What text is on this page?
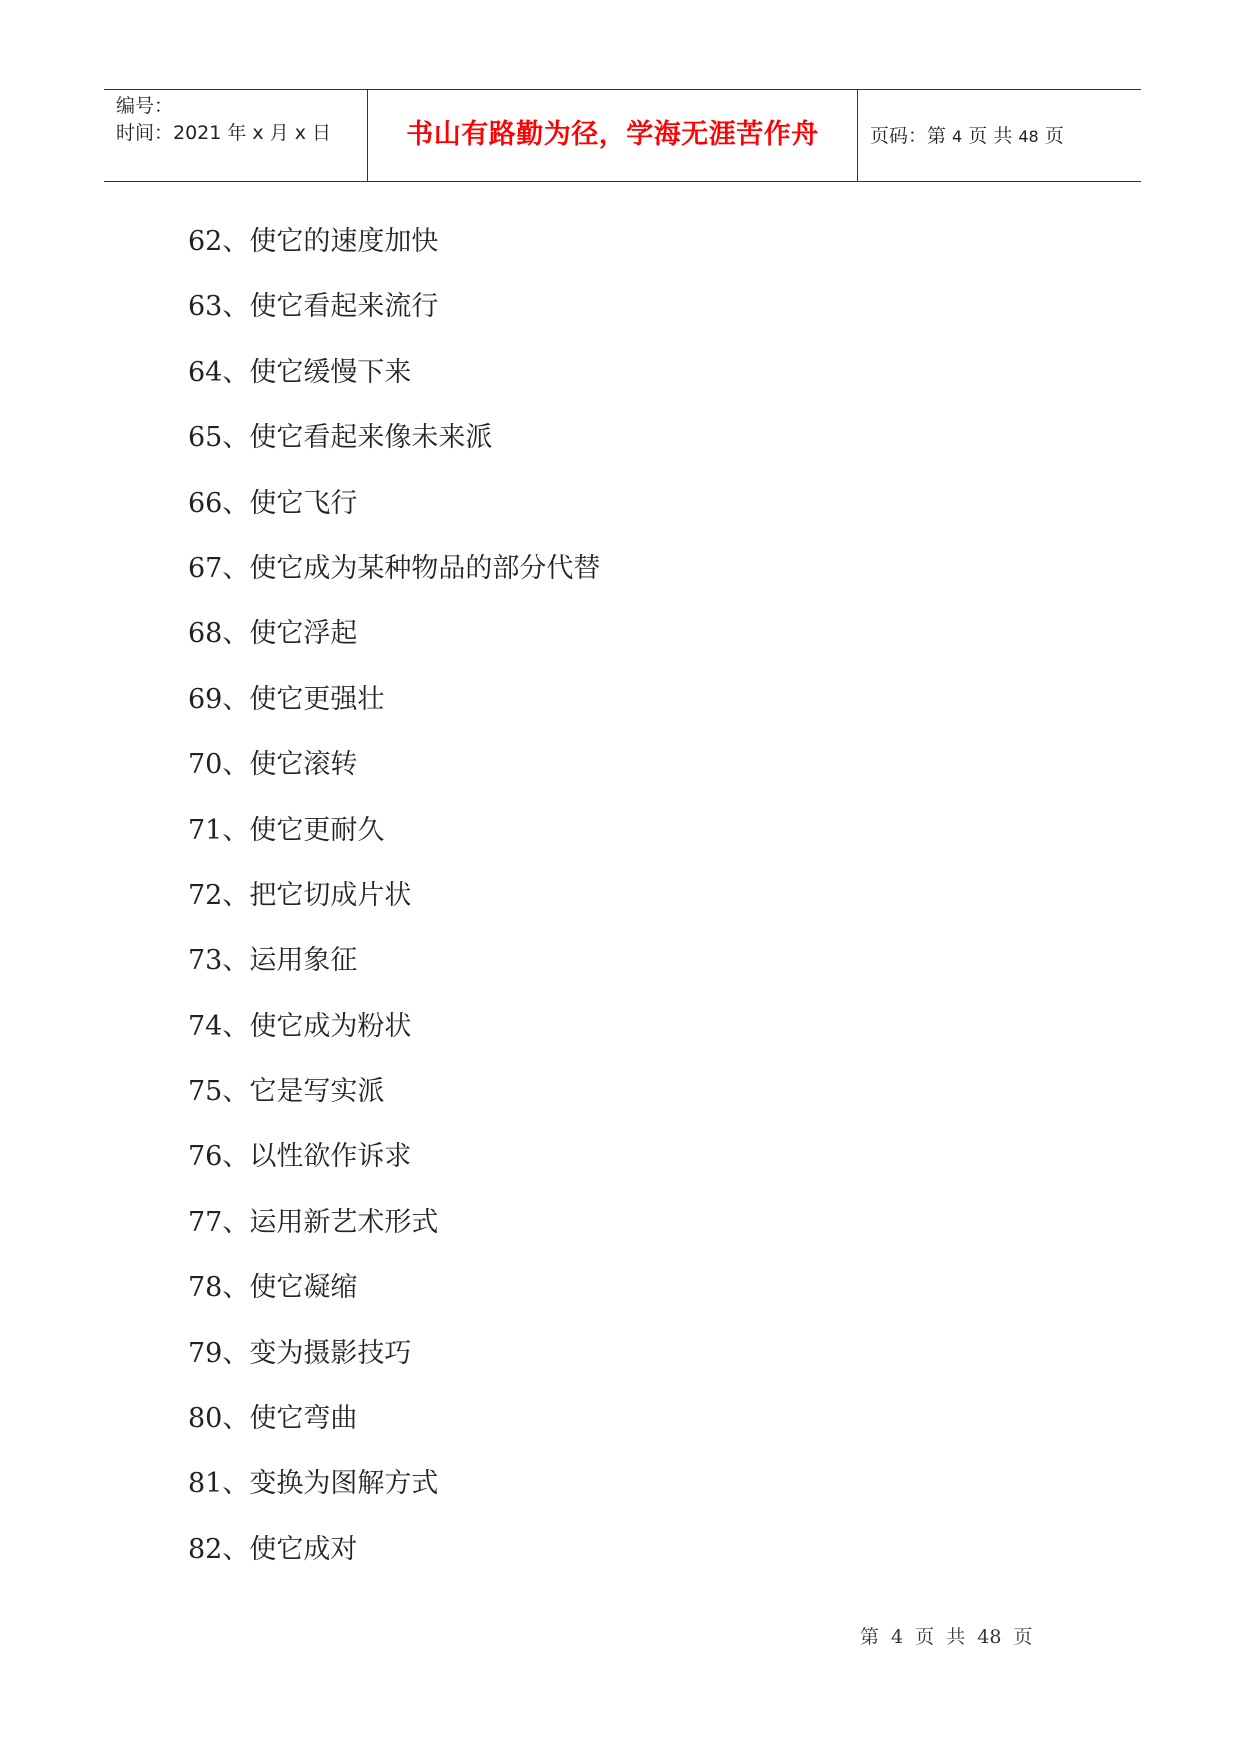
编号：
时间：2021 年 x 月 x 日	书山有路勤为径，学海无涯苦作舟	页码：第 4 页 共 48 页
62、使它的速度加快
63、使它看起来流行
64、使它缓慢下来
65、使它看起来像未来派
66、使它飞行
67、使它成为某种物品的部分代替
68、使它浮起
69、使它更强壮
70、使它滚转
71、使它更耐久
72、把它切成片状
73、运用象征
74、使它成为粉状
75、它是写实派
76、以性欲作诉求
77、运用新艺术形式
78、使它凝缩
79、变为摄影技巧
80、使它弯曲
81、变换为图解方式
82、使它成对
第 4 页 共 48 页
